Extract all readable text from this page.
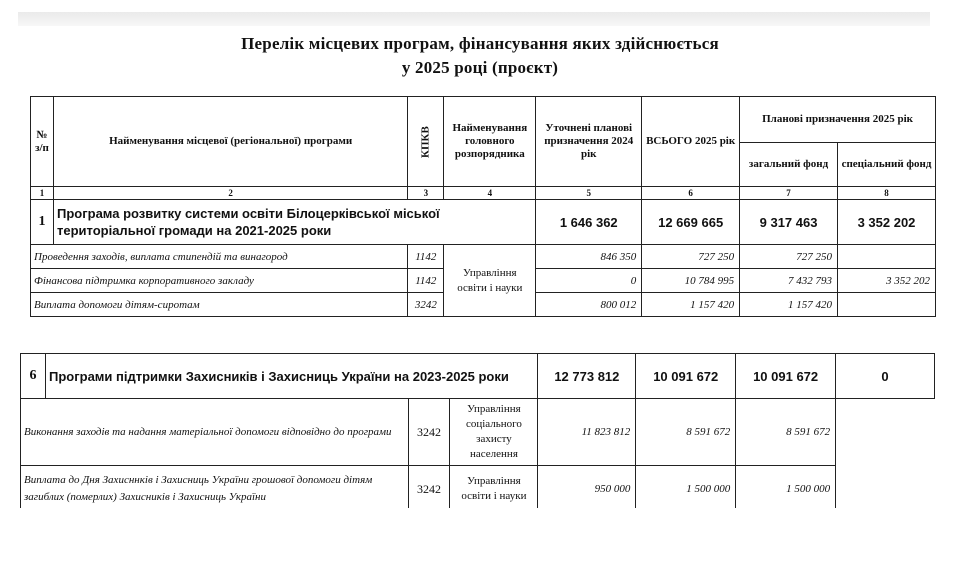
Перелік місцевих програм, фінансування яких здійснюється
у 2025 році (проєкт)
№ з/п	Найменування місцевої (регіональної) програми	КПКВ	Найменування головного розпорядника	Уточнені планові призначення 2024 рік	ВСЬОГО 2025 рік	Планові призначення 2025 рік	
						загальний фонд	спеціальний фонд
1	2	3	4	5	6	7	8
1	Програма розвитку системи освіти Білоцерківської міської територіальної громади на 2021-2025 роки			1 646 362	12 669 665	9 317 463	3 352 202
Проведення заходів, виплата стипендій та винагород		1142	Управління освіти і науки	846 350	727 250	727 250	
Фінансова підтримка корпоративного закладу		1142		0	10 784 995	7 432 793	3 352 202
Виплата допомоги дітям-сиротам		3242		800 012	1 157 420	1 157 420	
6	Програми підтримки Захисників і Захисниць України на 2023-2025 роки			12 773 812	10 091 672	10 091 672	0
Виконання заходів та надання матеріальної допомоги відповідно до програми		3242	Управління соціального захисту населення	11 823 812	8 591 672	8 591 672	
Виплата до Дня Захисннків і Захисниць України грошової допомоги дітям загиблих (померлих) Захисників і Захисниць України		3242	Управління освіти і науки	950 000	1 500 000	1 500 000	
